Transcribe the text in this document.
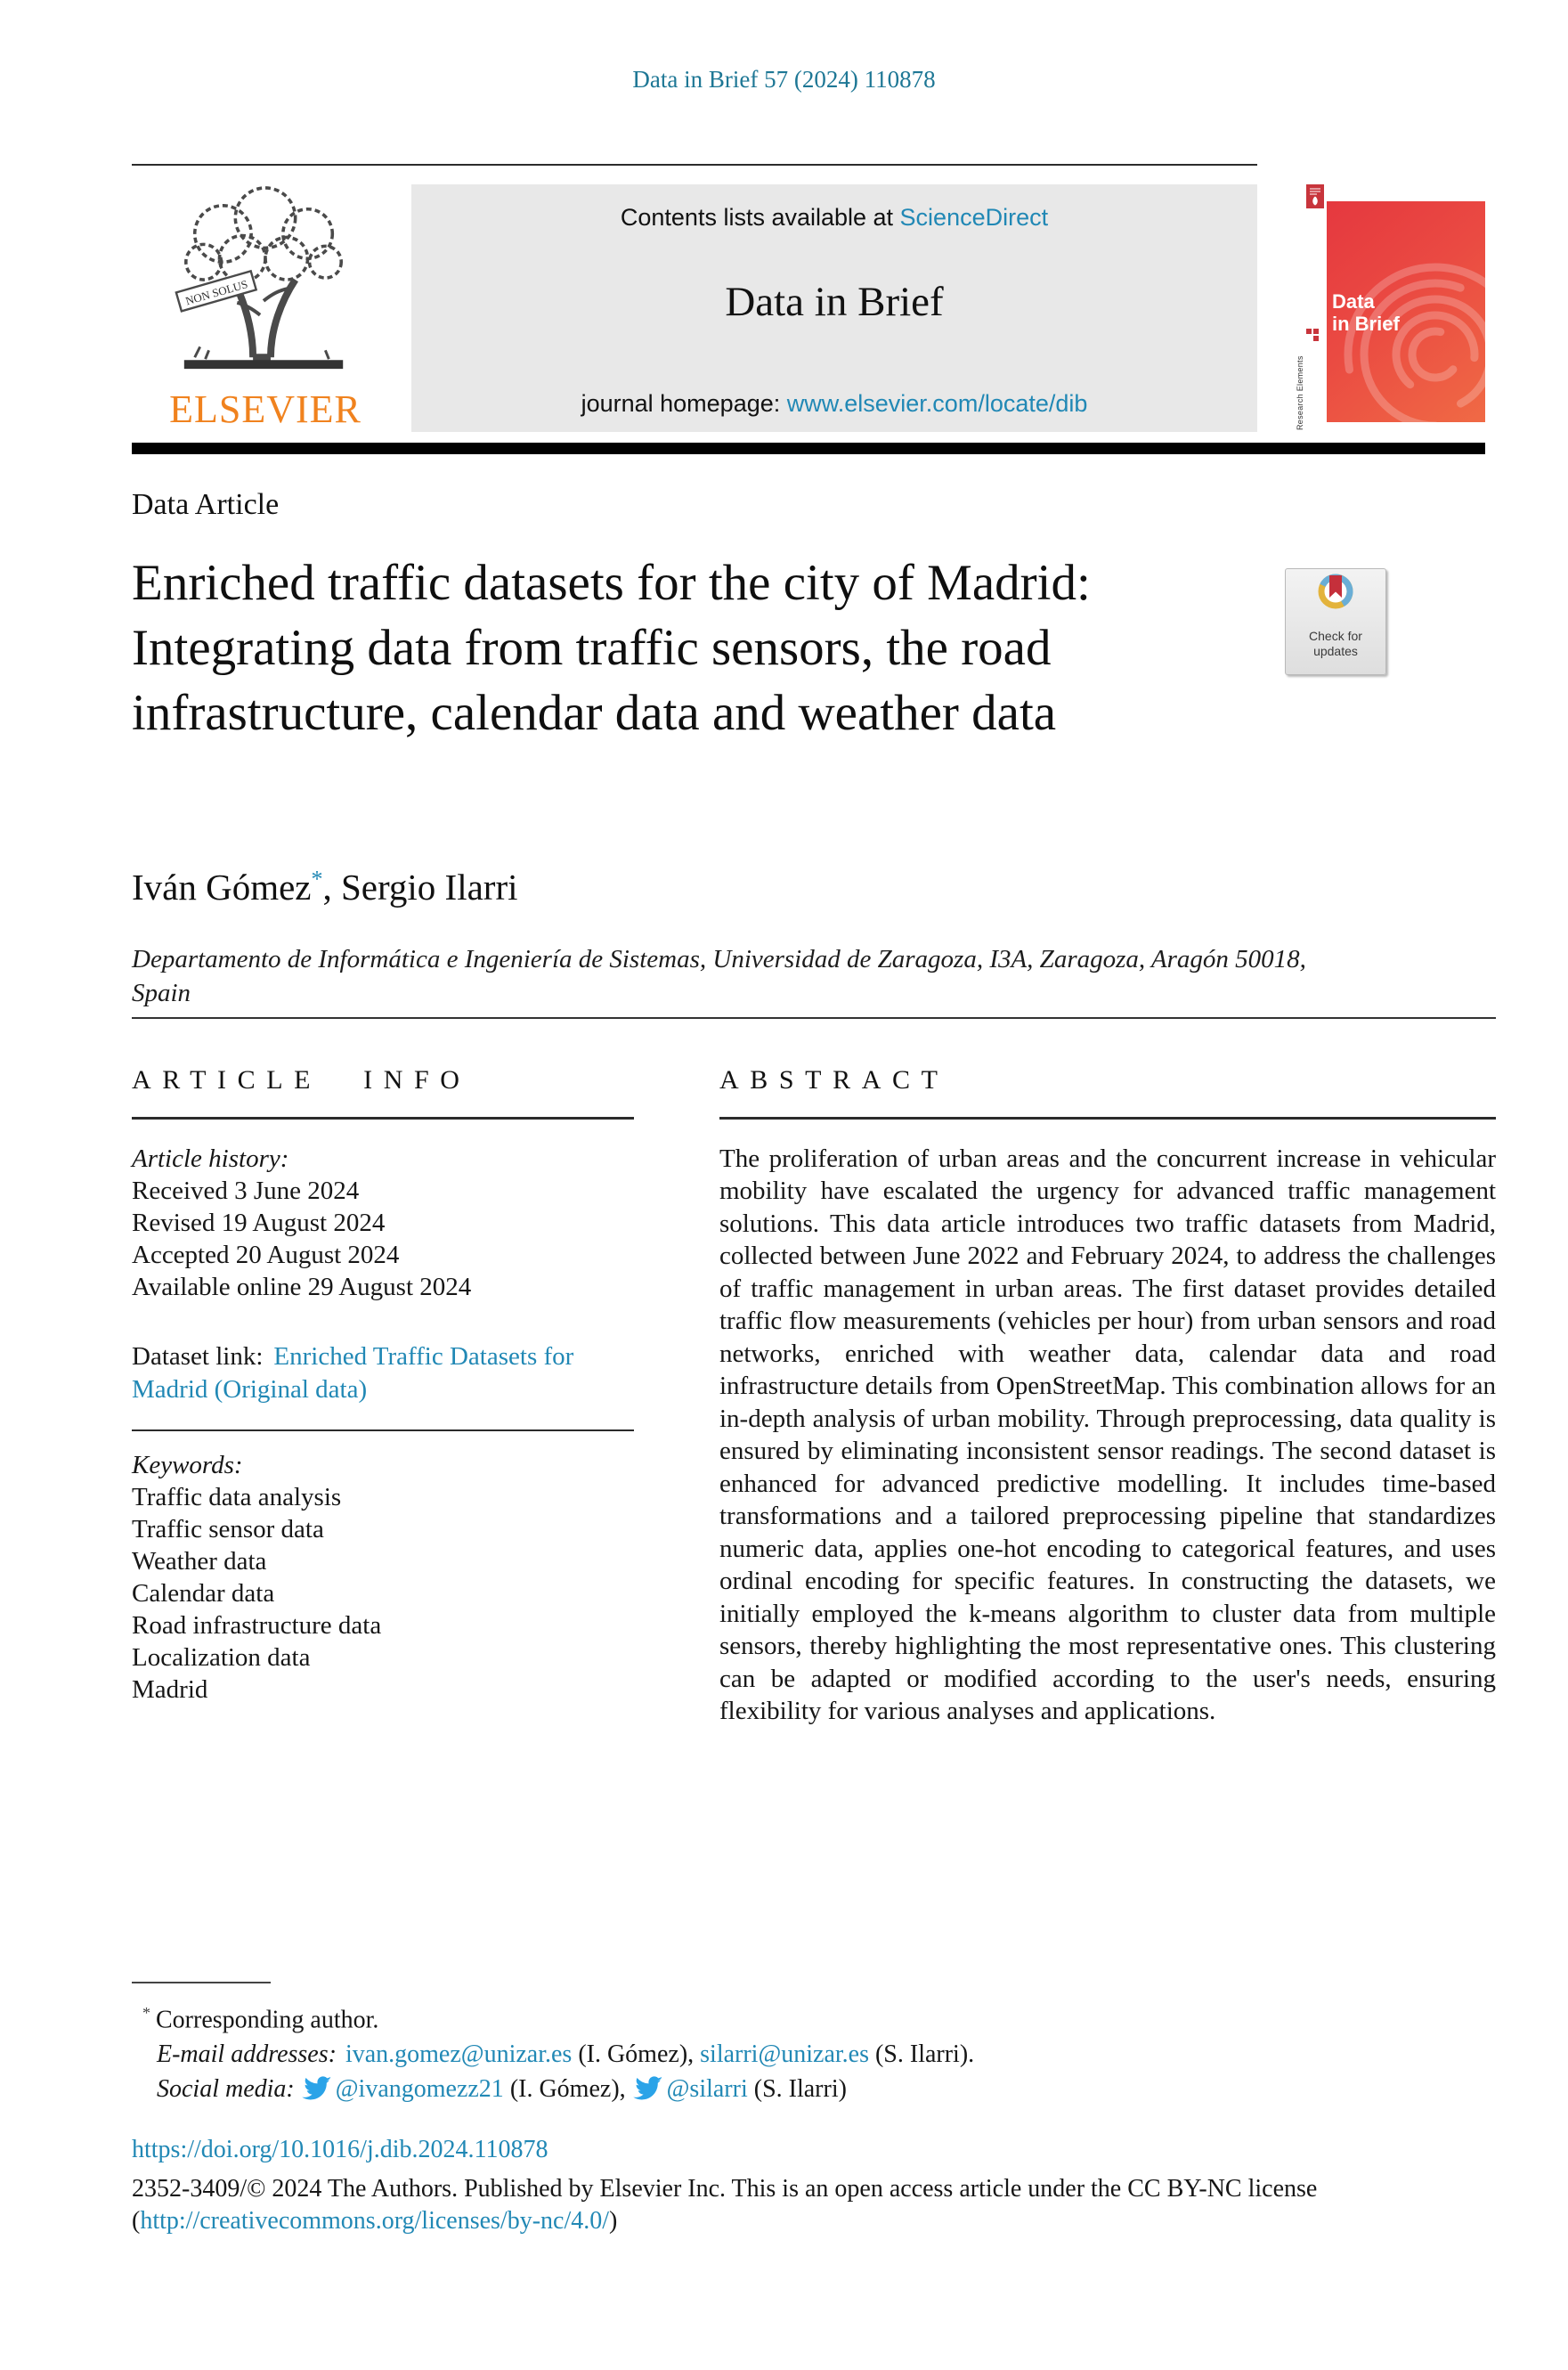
Data in Brief 57 (2024) 110878
NON SOLUS
ELSEVIER
Contents lists available at ScienceDirect
Data in Brief
journal homepage: www.elsevier.com/locate/dib
Data
in Brief
Research Elements
Data Article
Enriched traffic datasets for the city of Madrid: Integrating data from traffic sensors, the road infrastructure, calendar data and weather data
Check for
updates
Iván Gómez*, Sergio Ilarri
Departamento de Informática e Ingeniería de Sistemas, Universidad de Zaragoza, I3A, Zaragoza, Aragón 50018, Spain
ARTICLE INFO
Article history:
Received 3 June 2024
Revised 19 August 2024
Accepted 20 August 2024
Available online 29 August 2024
Dataset link: Enriched Traffic Datasets for Madrid (Original data)
Keywords:
Traffic data analysis
Traffic sensor data
Weather data
Calendar data
Road infrastructure data
Localization data
Madrid
ABSTRACT
The proliferation of urban areas and the concurrent increase in vehicular mobility have escalated the urgency for advanced traffic management solutions. This data article introduces two traffic datasets from Madrid, collected between June 2022 and February 2024, to address the challenges of traffic management in urban areas. The first dataset provides detailed traffic flow measurements (vehicles per hour) from urban sensors and road networks, enriched with weather data, calendar data and road infrastructure details from OpenStreetMap. This combination allows for an in-depth analysis of urban mobility. Through preprocessing, data quality is ensured by eliminating inconsistent sensor readings. The second dataset is enhanced for advanced predictive modelling. It includes time-based transformations and a tailored preprocessing pipeline that standardizes numeric data, applies one-hot encoding to categorical features, and uses ordinal encoding for specific features. In constructing the datasets, we initially employed the k-means algorithm to cluster data from multiple sensors, thereby highlighting the most representative ones. This clustering can be adapted or modified according to the user's needs, ensuring flexibility for various analyses and applications.
* Corresponding author.
E-mail addresses: ivan.gomez@unizar.es (I. Gómez), silarri@unizar.es (S. Ilarri).
Social media: @ivangomezz21 (I. Gómez), @silarri (S. Ilarri)
https://doi.org/10.1016/j.dib.2024.110878
2352-3409/© 2024 The Authors. Published by Elsevier Inc. This is an open access article under the CC BY-NC license
(http://creativecommons.org/licenses/by-nc/4.0/)
